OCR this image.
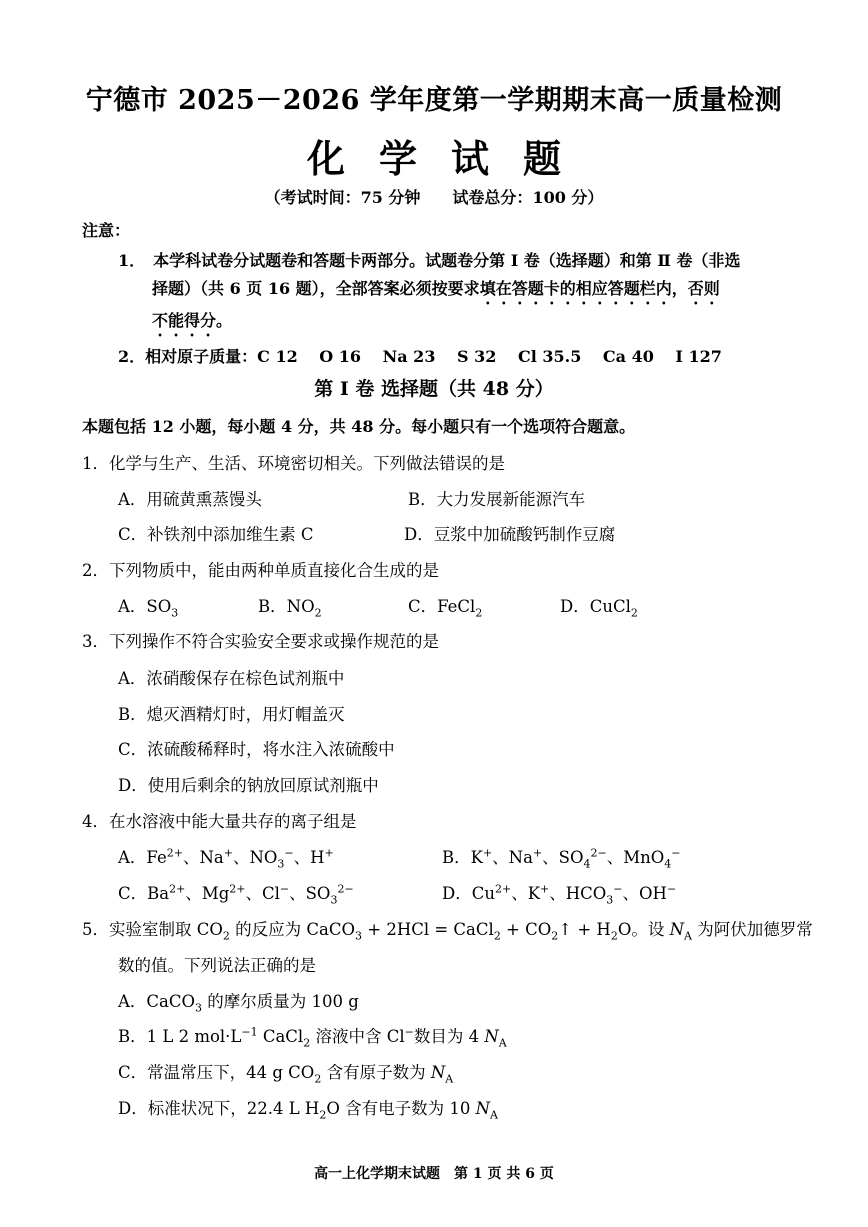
宁德市 2025－2026 学年度第一学期期末高一质量检测
化学试题
（考试时间：75 分钟　　试卷总分：100 分）
注意：
1．　本学科试卷分试题卷和答题卡两部分。试题卷分第 Ⅰ 卷（选择题）和第 Ⅱ 卷（非选
择题）（共 6 页 16 题），全部答案必须按要求填在答题卡的相应答题栏内，否则
不能得分。
2．相对原子质量：C 12　 O 16　 Na 23　 S 32　 Cl 35.5　 Ca 40　 I 127
第 Ⅰ 卷 选择题（共 48 分）
本题包括 12 小题，每小题 4 分，共 48 分。每小题只有一个选项符合题意。
1．化学与生产、生活、环境密切相关。下列做法错误的是
A．用硫黄熏蒸馒头	B．大力发展新能源汽车
C．补铁剂中添加维生素 C	D．豆浆中加硫酸钙制作豆腐
2．下列物质中，能由两种单质直接化合生成的是
A．$SO_3$	B．$NO_2$	C．FeCl$_2$	D．CuCl$_2$
3．下列操作不符合实验安全要求或操作规范的是
A．浓硝酸保存在棕色试剂瓶中
B．熄灭酒精灯时，用灯帽盖灭
C．浓硫酸稀释时，将水注入浓硫酸中
D．使用后剩余的钠放回原试剂瓶中
4．在水溶液中能大量共存的离子组是
A．$Fe^{2+}$、Na+、$NO_3^-$、H+	B．K+、Na+、$SO_4^{2-}$、MnO$_4$−
C．$Ba^{2+}$、$Mg^{2+}$、Cl−、$SO_3^{2-}$	D．$Cu^{2+}$、K+、$HCO_3^-$、OH−
5．实验室制取 $CO_2$ 的反应为 CaCO$_3$ + 2HCl = CaCl$_2$ + $CO_2↑ + H_2O$。设 $N_A$ 为阿伏加德罗常
数的值。下列说法正确的是
A．CaCO$_3$ 的摩尔质量为 100 g
B．1 L 2 $mol\cdot L^{-1}$ CaCl$_2$ 溶液中含 Cl−数目为 4 $N_A$
C．常温常压下，44 g $CO_2$ 含有原子数为 $N_A$
D．标准状况下，22.4 L $H_2O$ 含有电子数为 10 $N_A$
高一上化学期末试题　第 1 页 共 6 页
